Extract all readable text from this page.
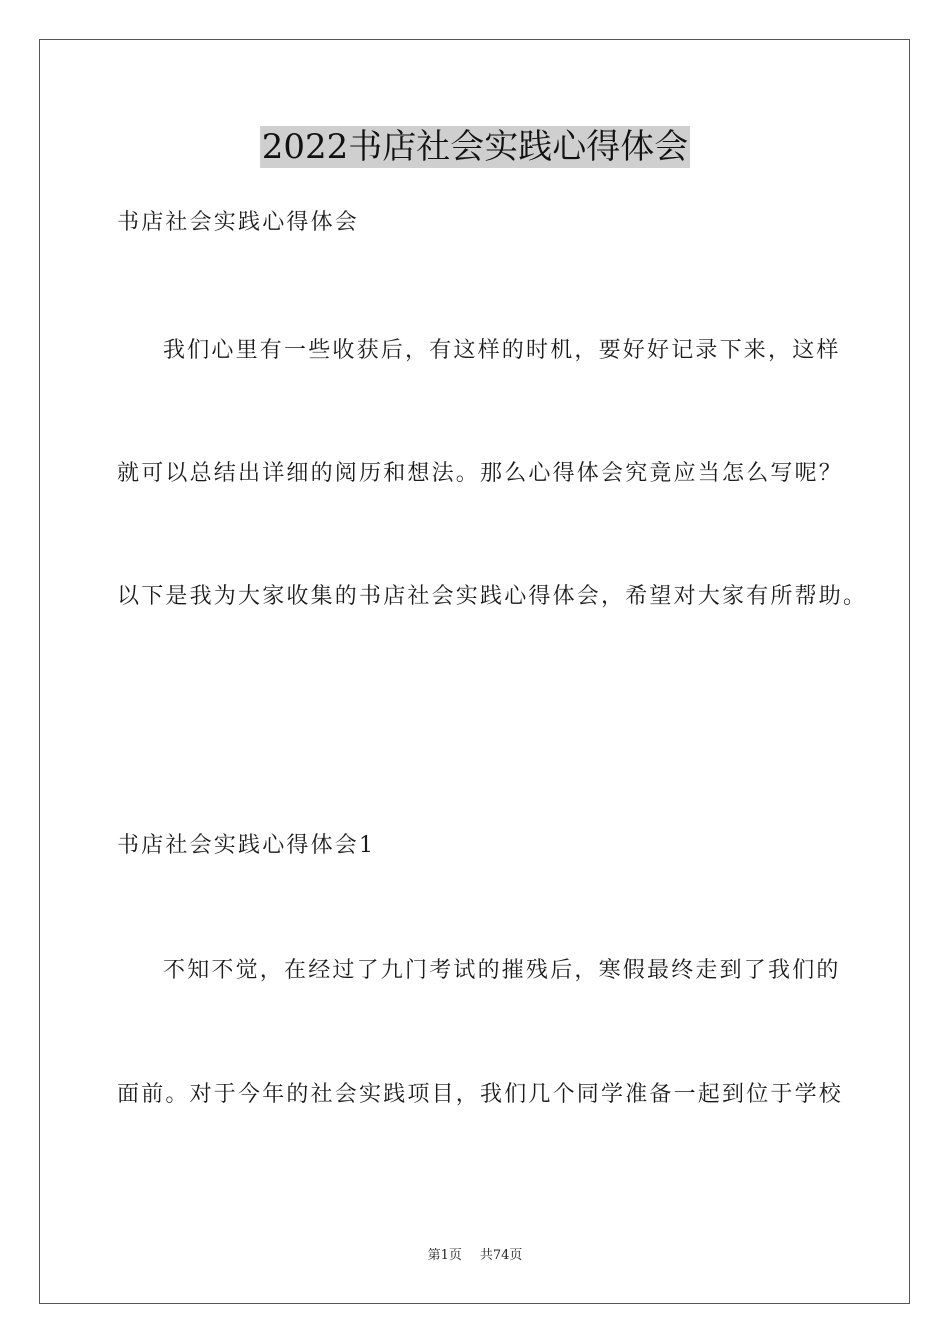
2022书店社会实践心得体会
书店社会实践心得体会
我们心里有一些收获后，有这样的时机，要好好记录下来，这样
就可以总结出详细的阅历和想法。那么心得体会究竟应当怎么写呢？
以下是我为大家收集的书店社会实践心得体会，希望对大家有所帮助。
书店社会实践心得体会1
不知不觉，在经过了九门考试的摧残后，寒假最终走到了我们的
面前。对于今年的社会实践项目，我们几个同学准备一起到位于学校
第1页 共74页
